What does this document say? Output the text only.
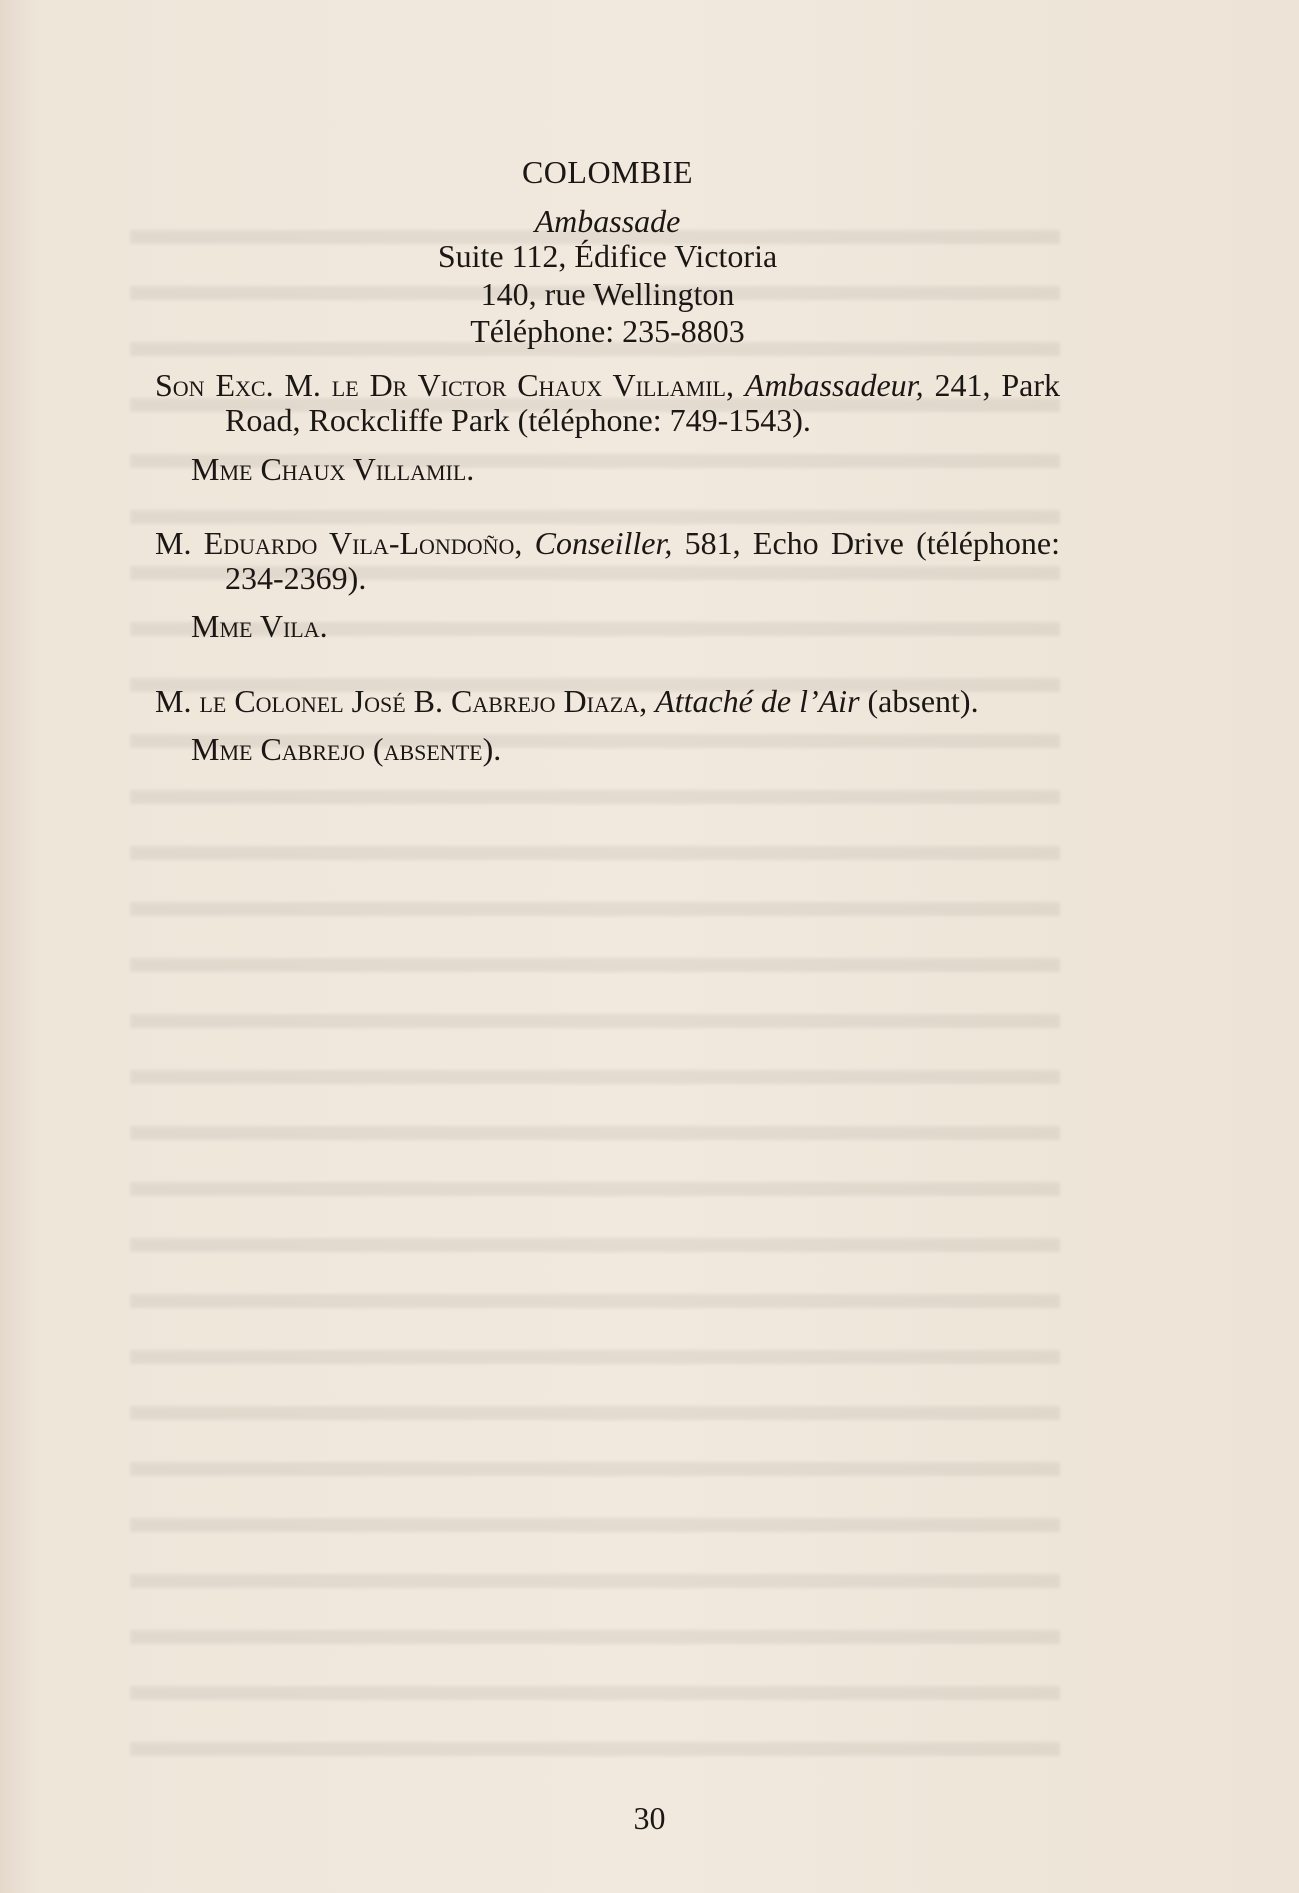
COLOMBIE
Ambassade
Suite 112, Édifice Victoria
140, rue Wellington
Téléphone: 235-8803

Son Exc. M. le Dr Victor Chaux Villamil, Ambassadeur, 241, Park Road, Rockcliffe Park (téléphone: 749-1543).

Mme Chaux Villamil.

M. Eduardo Vila-Londoño, Conseiller, 581, Echo Drive (téléphone: 234-2369).

Mme Vila.

M. le Colonel José B. Cabrejo Diaza, Attaché de l’Air (absent).

Mme Cabrejo (absente).

30
